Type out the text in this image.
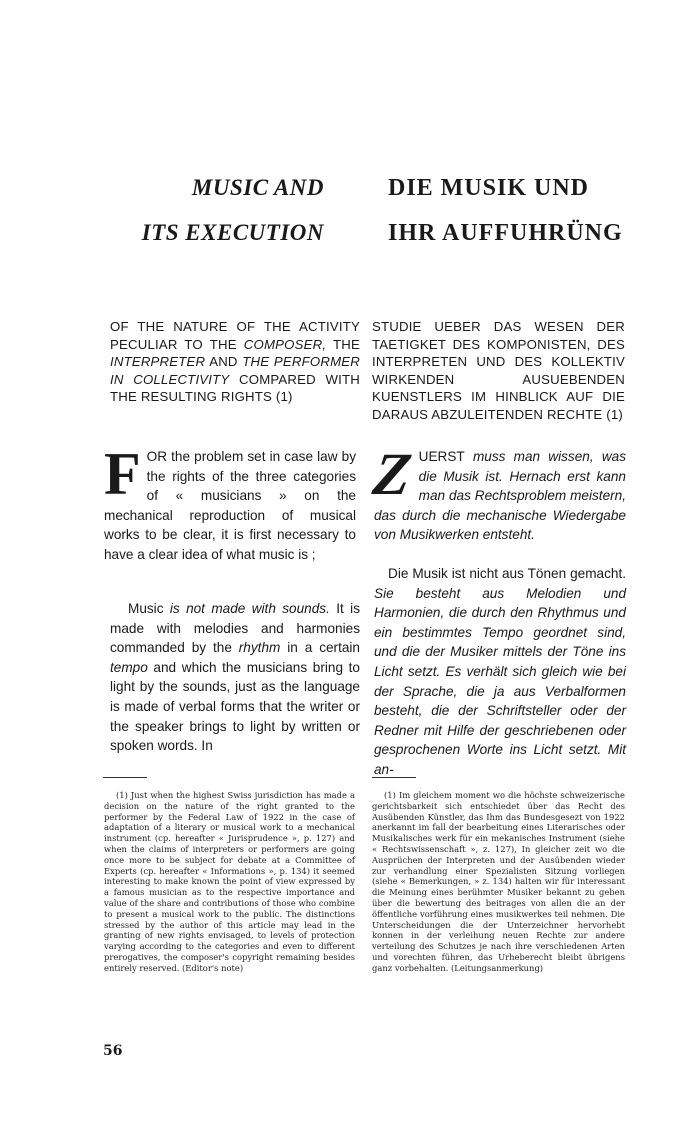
MUSIC AND
ITS EXECUTION
DIE MUSIK UND
IHR AUFFUHRÜNG

OF THE NATURE OF THE ACTIVITY PECULIAR TO THE COMPOSER, THE INTERPRETER AND THE PERFORMER IN COLLECTIVITY COMPARED WITH THE RESULTING RIGHTS (1)

STUDIE UEBER DAS WESEN DER TAETIGKET DES KOMPONISTEN, DES INTERPRETEN UND DES KOLLEKTIV WIRKENDEN AUSUEBENDEN KUENSTLERS IM HINBLICK AUF DIE DARAUS ABZULEITENDEN RECHTE (1)

FOR the problem set in case law by the rights of the three categories of « musicians » on the mechanical reproduction of musical works to be clear, it is first necessary to have a clear idea of what music is ;

Music is not made with sounds. It is made with melodies and harmonies commanded by the rhythm in a certain tempo and which the musicians bring to light by the sounds, just as the language is made of verbal forms that the writer or the speaker brings to light by written or spoken words. In

ZUERST muss man wissen, was die Musik ist. Hernach erst kann man das Rechtsproblem meistern, das durch die mechanische Wiedergabe von Musikwerken entsteht.

Die Musik ist nicht aus Tönen gemacht. Sie besteht aus Melodien und Harmonien, die durch den Rhythmus und ein bestimmtes Tempo geordnet sind, und die der Musiker mittels der Töne ins Licht setzt. Es verhält sich gleich wie bei der Sprache, die ja aus Verbalformen besteht, die der Schriftsteller oder der Redner mit Hilfe der geschriebenen oder gesprochenen Worte ins Licht setzt. Mit an-

(1) Just when the highest Swiss jurisdiction has made a decision on the nature of the right granted to the performer by the Federal Law of 1922 in the case of adaptation of a literary or musical work to a mechanical instrument (cp. hereafter « Jurisprudence », p. 127) and when the claims of interpreters or performers are going once more to be subject for debate at a Committee of Experts (cp. hereafter « Informations », p. 134) it seemed interesting to make known the point of view expressed by a famous musician as to the respective importance and value of the share and contributions of those who combine to present a musical work to the public. The distinctions stressed by the author of this article may lead in the granting of new rights envisaged, to levels of protection varying according to the categories and even to different prerogatives, the composer's copyright remaining besides entirely reserved. (Editor's note)

(1) Im gleichem moment wo die höchste schweizerische gerichtsbarkeit sich entschiedet über das Recht des Ausübenden Künstler, das Ihm das Bundesgesezt von 1922 anerkannt im fall der bearbeitung eines Literarisches oder Musikalisches werk für ein mekanisches Instrument (siehe « Rechtswissenschaft », z. 127), In gleicher zeit wo die Ausprüchen der Interpreten und der Ausübenden wieder zur verhandlung einer Spezialisten Sitzung vorliegen (siehe « Bemerkungen, » z. 134) halten wir für interessant die Meinung eines berühmter Musiker bekannt zu geben über die bewertung des beitrages von allen die an der öffentliche vorführung eines musikwerkes teil nehmen. Die Unterscheidungen die der Unterzeichner hervorhebt konnen in der verleihung neuen Rechte zur andere verteilung des Schutzes je nach ihre verschiedenen Arten und vorechten führen, das Urheberecht bleibt übrigens ganz vorbehalten. (Leitungsanmerkung)

56
